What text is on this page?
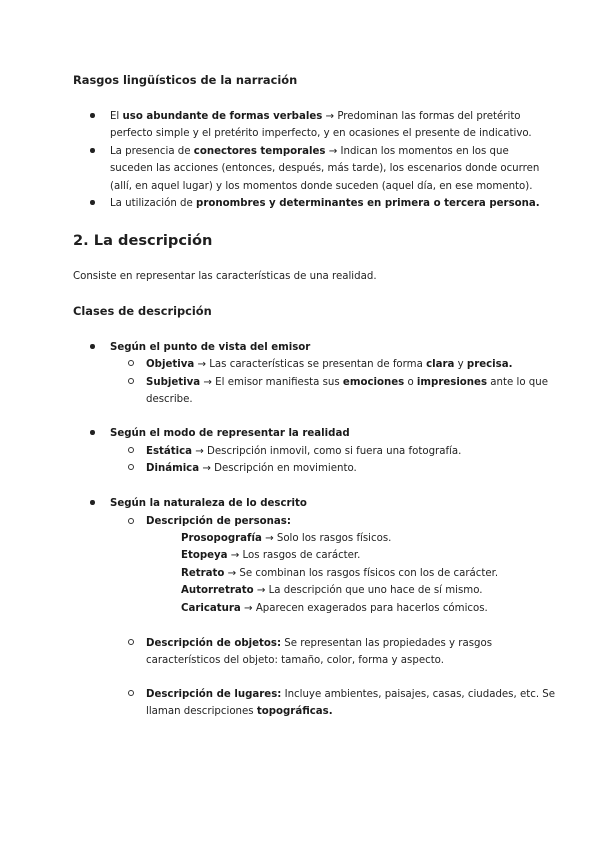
Rasgos lingüísticos de la narración
El uso abundante de formas verbales → Predominan las formas del pretérito
perfecto simple y el pretérito imperfecto, y en ocasiones el presente de indicativo.
La presencia de conectores temporales → Indican los momentos en los que
suceden las acciones (entonces, después, más tarde), los escenarios donde ocurren
(allí, en aquel lugar) y los momentos donde suceden (aquel día, en ese momento).
La utilización de pronombres y determinantes en primera o tercera persona.
2. La descripción
Consiste en representar las características de una realidad.
Clases de descripción
Según el punto de vista del emisor
Objetiva → Las características se presentan de forma clara y precisa.
Subjetiva → El emisor manifiesta sus emociones o impresiones ante lo que
describe.
Según el modo de representar la realidad
Estática → Descripción inmovil, como si fuera una fotografía.
Dinámica → Descripción en movimiento.
Según la naturaleza de lo descrito
Descripción de personas:
Prosopografía → Solo los rasgos físicos.
Etopeya → Los rasgos de carácter.
Retrato → Se combinan los rasgos físicos con los de carácter.
Autorretrato → La descripción que uno hace de sí mismo.
Caricatura → Aparecen exagerados para hacerlos cómicos.
Descripción de objetos: Se representan las propiedades y rasgos
característicos del objeto: tamaño, color, forma y aspecto.
Descripción de lugares: Incluye ambientes, paisajes, casas, ciudades, etc. Se
llaman descripciones topográficas.
